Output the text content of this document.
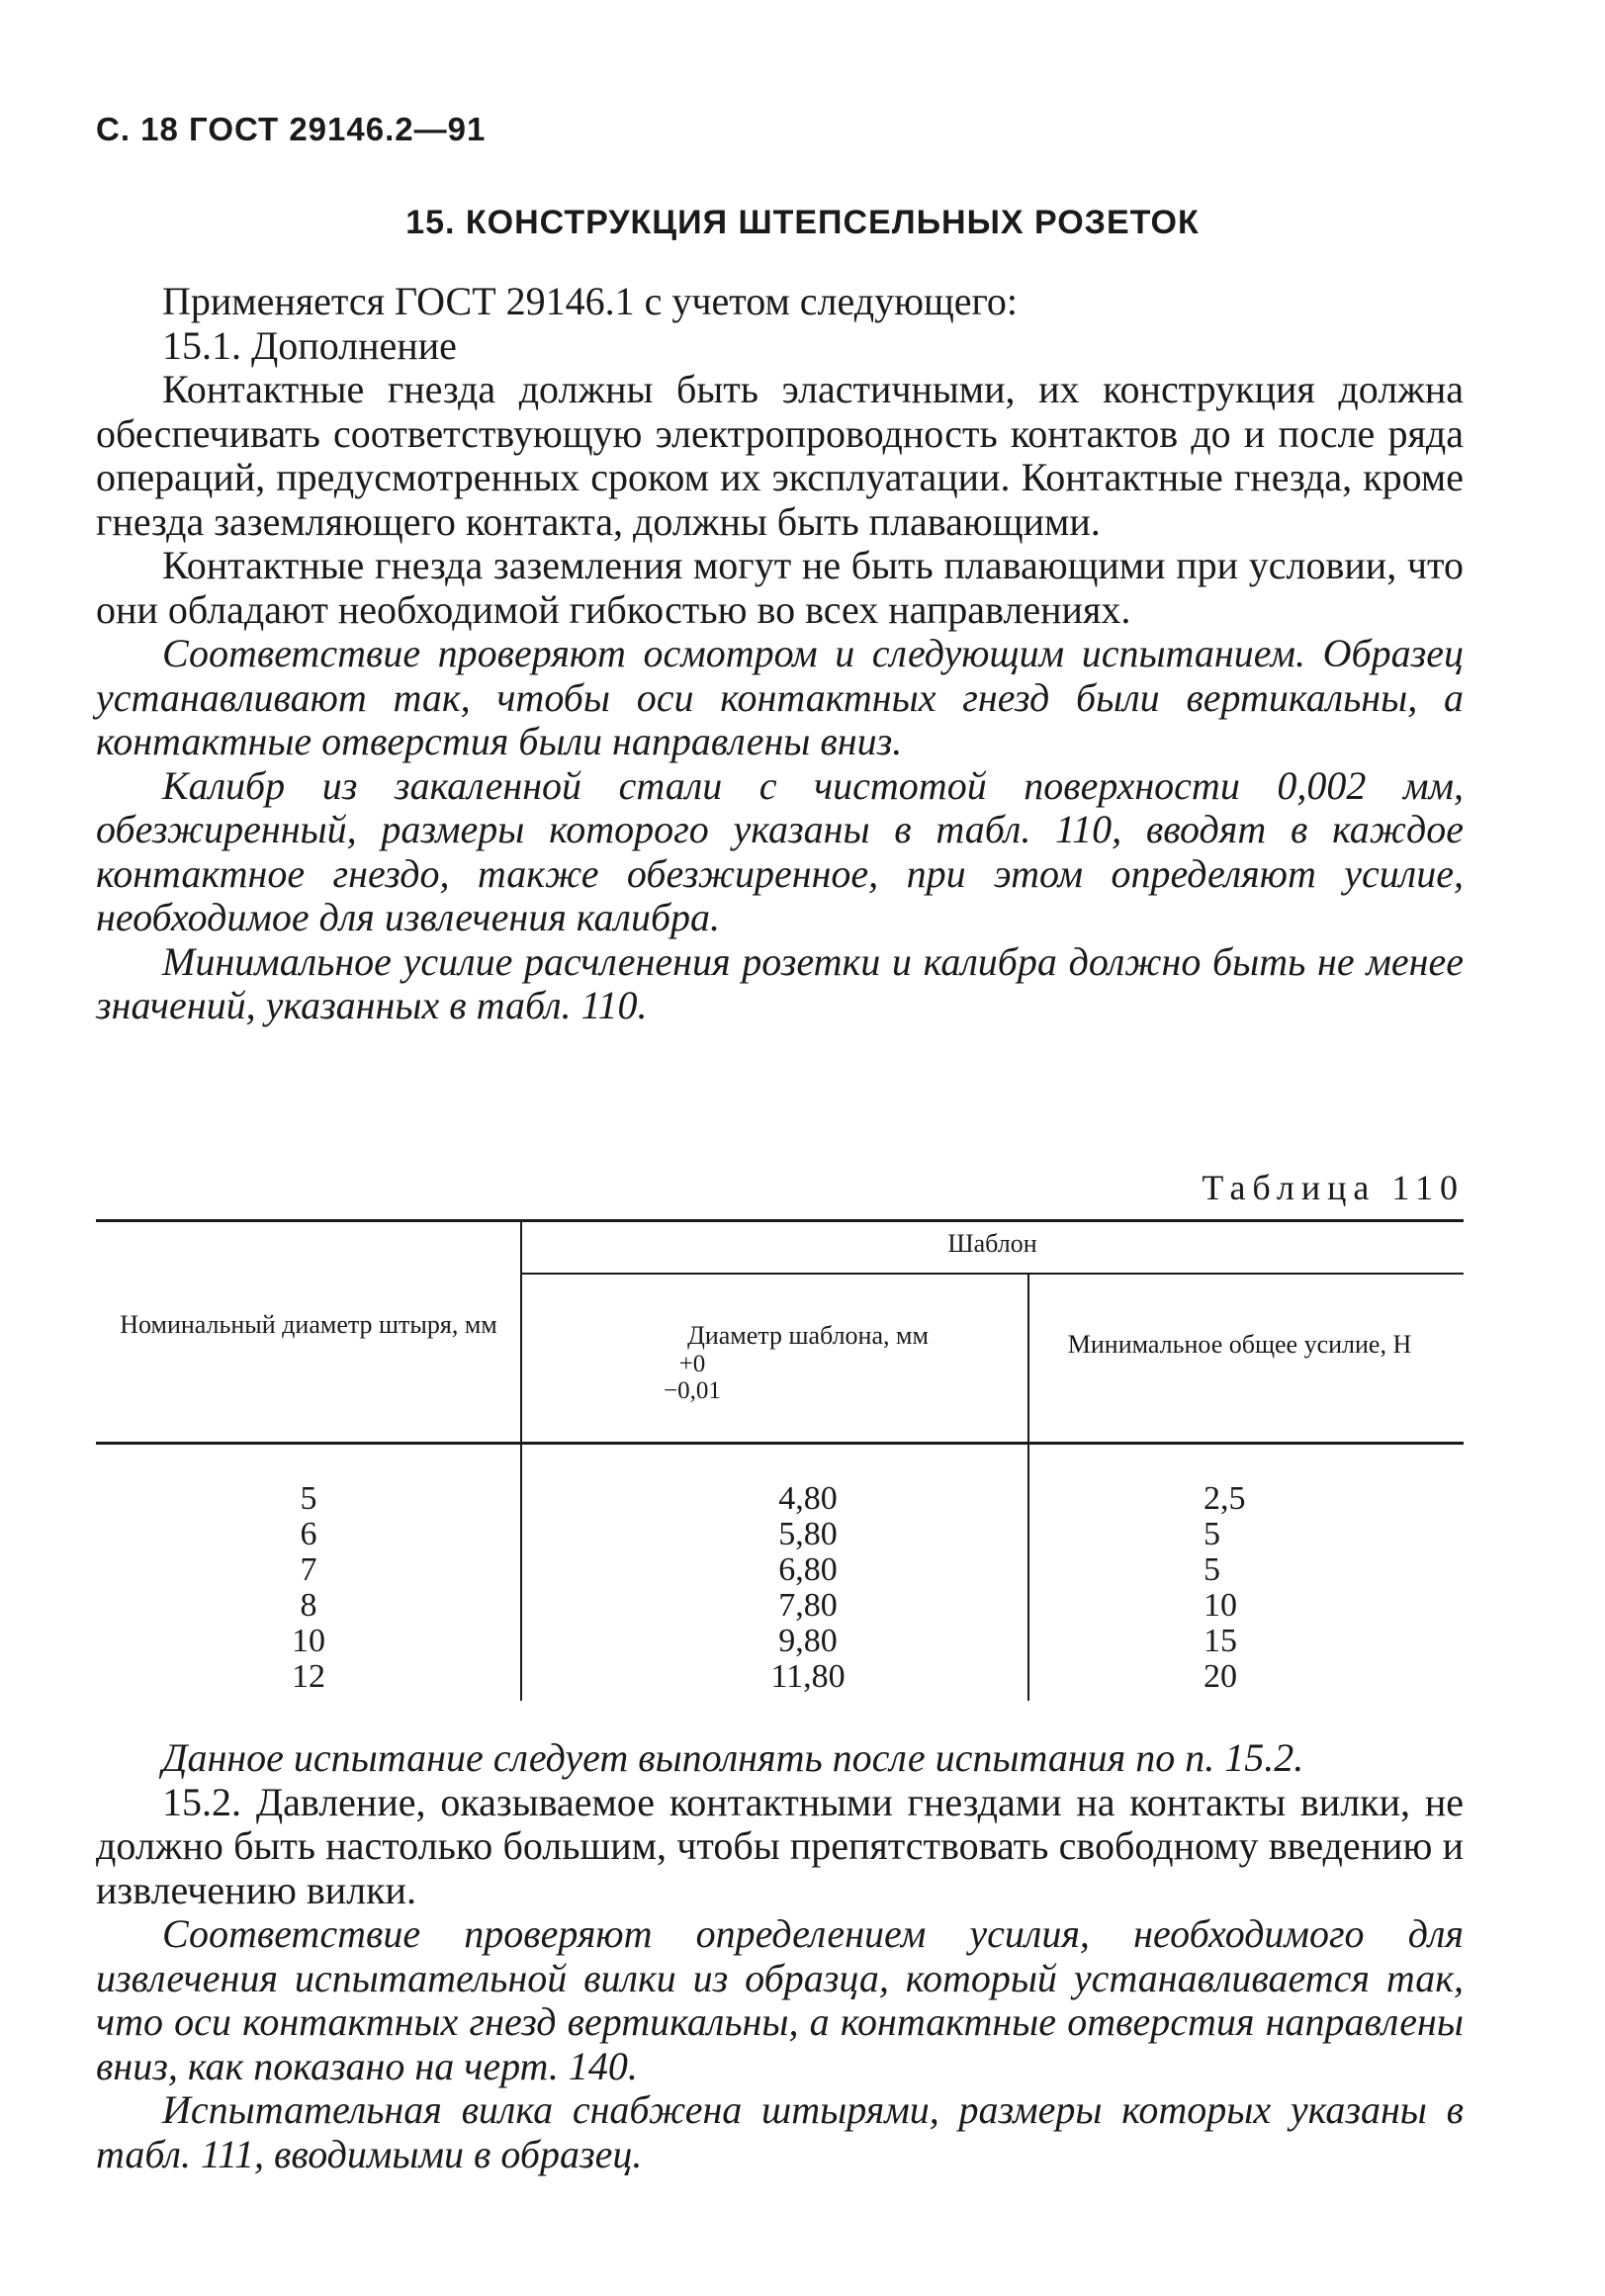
С. 18 ГОСТ 29146.2—91
15. КОНСТРУКЦИЯ ШТЕПСЕЛЬНЫХ РОЗЕТОК

Применяется ГОСТ 29146.1 с учетом следующего:

15.1. Дополнение

Контактные гнезда должны быть эластичными, их конструкция должна обеспечивать соответствующую электропроводность контактов до и после ряда операций, предусмотренных сроком их эксплуатации. Контактные гнезда, кроме гнезда заземляющего контакта, должны быть плавающими.

Контактные гнезда заземления могут не быть плавающими при условии, что они обладают необходимой гибкостью во всех направлениях.

Соответствие проверяют осмотром и следующим испытанием. Образец устанавливают так, чтобы оси контактных гнезд были вертикальны, а контактные отверстия были направлены вниз.

Калибр из закаленной стали с чистотой поверхности 0,002 мм, обезжиренный, размеры которого указаны в табл. 110, вводят в каждое контактное гнездо, также обезжиренное, при этом определяют усилие, необходимое для извлечения калибра.

Минимальное усилие расчленения розетки и калибра должно быть не менее значений, указанных в табл. 110.

Таблица 110
Номинальный диаметр штыря, мм
Шаблон
Диаметр шаблона, мм
+0
−0,01
Минимальное общее усилие, Н
5
6
7
8
10
12
4,80
5,80
6,80
7,80
9,80
11,80
2,5
5
5
10
15
20

Данное испытание следует выполнять после испытания по п. 15.2.

15.2. Давление, оказываемое контактными гнездами на контакты вилки, не должно быть настолько большим, чтобы препятствовать свободному введению и извлечению вилки.

Соответствие проверяют определением усилия, необходимого для извлечения испытательной вилки из образца, который устанавливается так, что оси контактных гнезд вертикальны, а контактные отверстия направлены вниз, как показано на черт. 140.

Испытательная вилка снабжена штырями, размеры которых указаны в табл. 111, вводимыми в образец.
